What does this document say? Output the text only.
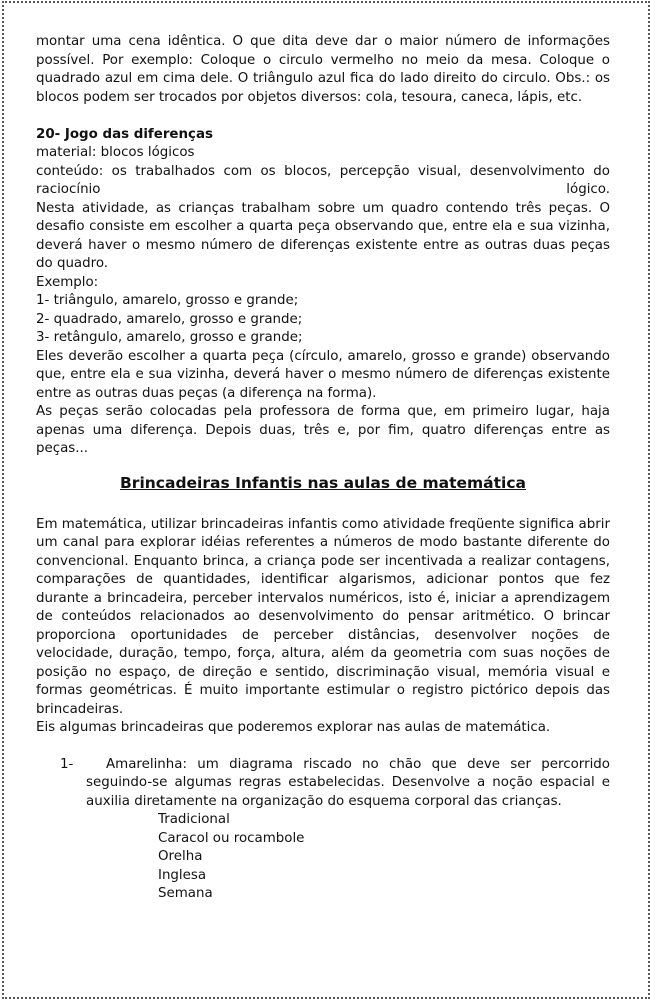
montar uma cena idêntica. O que dita deve dar o maior número de informações possível. Por exemplo: Coloque o circulo vermelho no meio da mesa. Coloque o quadrado azul em cima dele. O triângulo azul fica do lado direito do circulo. Obs.: os blocos podem ser trocados por objetos diversos: cola, tesoura, caneca, lápis, etc.

20- Jogo das diferenças

material: blocos lógicos

conteúdo: os trabalhados com os blocos, percepção visual, desenvolvimento do raciocínio lógico.

Nesta atividade, as crianças trabalham sobre um quadro contendo três peças. O desafio consiste em escolher a quarta peça observando que, entre ela e sua vizinha, deverá haver o mesmo número de diferenças existente entre as outras duas peças do quadro.

Exemplo:

1- triângulo, amarelo, grosso e grande;

2- quadrado, amarelo, grosso e grande;

3- retângulo, amarelo, grosso e grande;

Eles deverão escolher a quarta peça (círculo, amarelo, grosso e grande) observando que, entre ela e sua vizinha, deverá haver o mesmo número de diferenças existente entre as outras duas peças (a diferença na forma).

As peças serão colocadas pela professora de forma que, em primeiro lugar, haja apenas uma diferença. Depois duas, três e, por fim, quatro diferenças entre as peças...

Brincadeiras Infantis nas aulas de matemática

Em matemática, utilizar brincadeiras infantis como atividade freqüente significa abrir um canal para explorar idéias referentes a números de modo bastante diferente do convencional. Enquanto brinca, a criança pode ser incentivada a realizar contagens, comparações de quantidades, identificar algarismos, adicionar pontos que fez durante a brincadeira, perceber intervalos numéricos, isto é, iniciar a aprendizagem de conteúdos relacionados ao desenvolvimento do pensar aritmético. O brincar proporciona oportunidades de perceber distâncias, desenvolver noções de velocidade, duração, tempo, força, altura, além da geometria com suas noções de posição no espaço, de direção e sentido, discriminação visual, memória visual e formas geométricas. É muito importante estimular o registro pictórico depois das brincadeiras.

Eis algumas brincadeiras que poderemos explorar nas aulas de matemática.

1- Amarelinha: um diagrama riscado no chão que deve ser percorrido seguindo-se algumas regras estabelecidas. Desenvolve a noção espacial e auxilia diretamente na organização do esquema corporal das crianças.
Tradicional
Caracol ou rocambole
Orelha
Inglesa
Semana
